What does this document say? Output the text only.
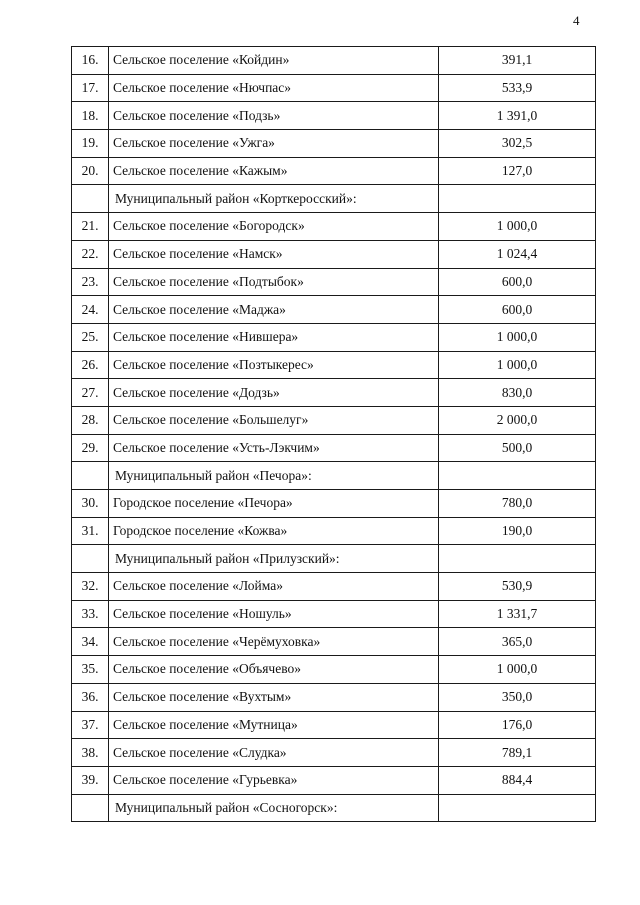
4
16.	Сельское поселение «Койдин»	391,1
17.	Сельское поселение «Нючпас»	533,9
18.	Сельское поселение «Подзь»	1 391,0
19.	Сельское поселение «Ужга»	302,5
20.	Сельское поселение «Кажым»	127,0
	Муниципальный район «Корткеросский»:	
21.	Сельское поселение «Богородск»	1 000,0
22.	Сельское поселение «Намск»	1 024,4
23.	Сельское поселение «Подтыбок»	600,0
24.	Сельское поселение «Маджа»	600,0
25.	Сельское поселение «Нившера»	1 000,0
26.	Сельское поселение «Позтыкерес»	1 000,0
27.	Сельское поселение «Додзь»	830,0
28.	Сельское поселение «Большелуг»	2 000,0
29.	Сельское поселение «Усть-Лэкчим»	500,0
	Муниципальный район «Печора»:	
30.	Городское поселение «Печора»	780,0
31.	Городское поселение «Кожва»	190,0
	Муниципальный район «Прилузский»:	
32.	Сельское поселение «Лойма»	530,9
33.	Сельское поселение «Ношуль»	1 331,7
34.	Сельское поселение «Черёмуховка»	365,0
35.	Сельское поселение «Объячево»	1 000,0
36.	Сельское поселение «Вухтым»	350,0
37.	Сельское поселение «Мутница»	176,0
38.	Сельское поселение «Слудка»	789,1
39.	Сельское поселение «Гурьевка»	884,4
	Муниципальный район «Сосногорск»:	
